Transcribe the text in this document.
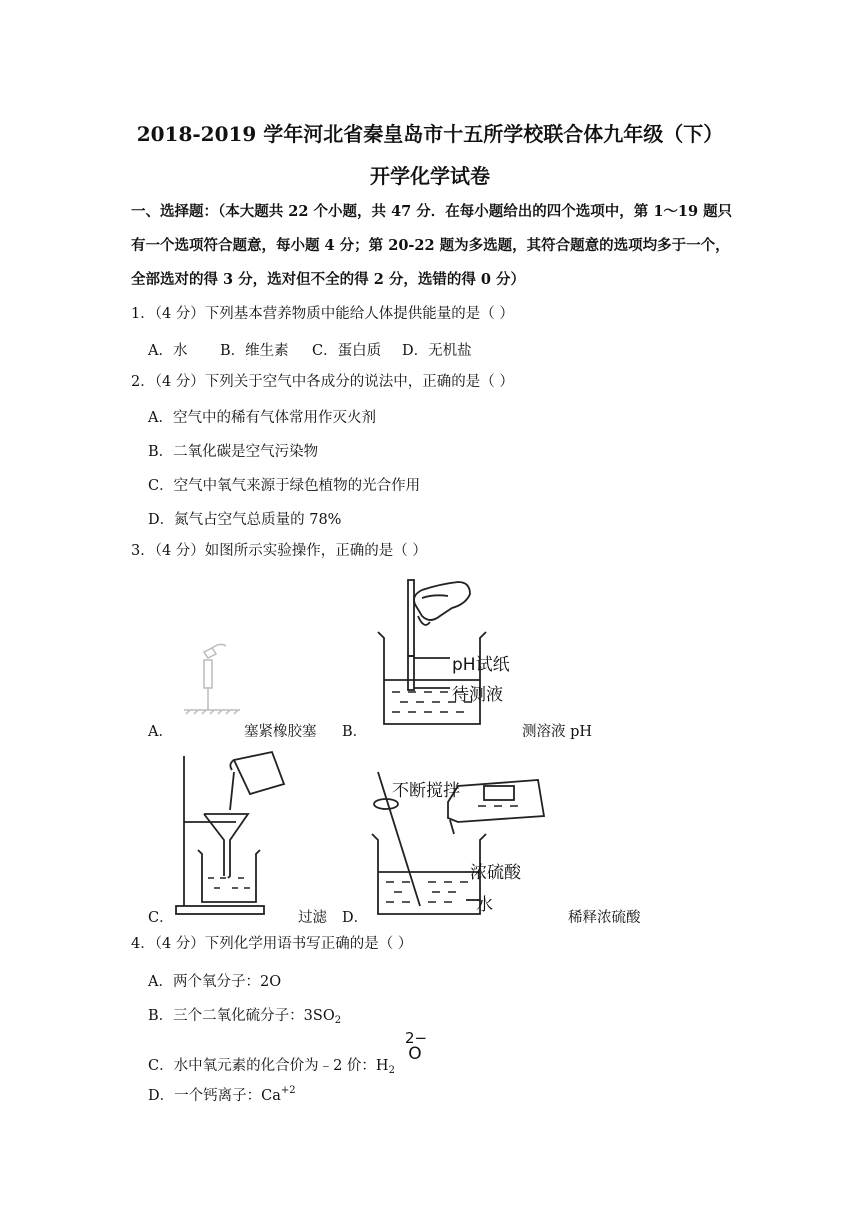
2018-2019 学年河北省秦皇岛市十五所学校联合体九年级（下）
开学化学试卷
一、选择题：（本大题共 22 个小题，共 47 分．在每小题给出的四个选项中，第 1～19 题只
有一个选项符合题意，每小题 4 分；第 20-22 题为多选题，其符合题意的选项均多于一个，
全部选对的得 3 分，选对但不全的得 2 分，选错的得 0 分）
1．（4 分）下列基本营养物质中能给人体提供能量的是（ ）
A．水 B．维生素 C．蛋白质 D．无机盐
2．（4 分）下列关于空气中各成分的说法中，正确的是（ ）
A．空气中的稀有气体常用作灭火剂
B．二氧化碳是空气污染物
C．空气中氧气来源于绿色植物的光合作用
D．氮气占空气总质量的 78%
3．（4 分）如图所示实验操作，正确的是（ ）
A．	塞紧橡胶塞 B．
pH试纸
待测液
测溶液 pH
C．	过滤 D．
不断搅拌
浓硫酸
水
稀释浓硫酸
4．（4 分）下列化学用语书写正确的是（ ）
A．两个氧分子：2O
B．三个二氧化硫分子：$3SO_2$
C．水中氧元素的化合价为﹣2 价：$H_2$
2−
O
D．一个钙离子：$Ca^{+2}$
